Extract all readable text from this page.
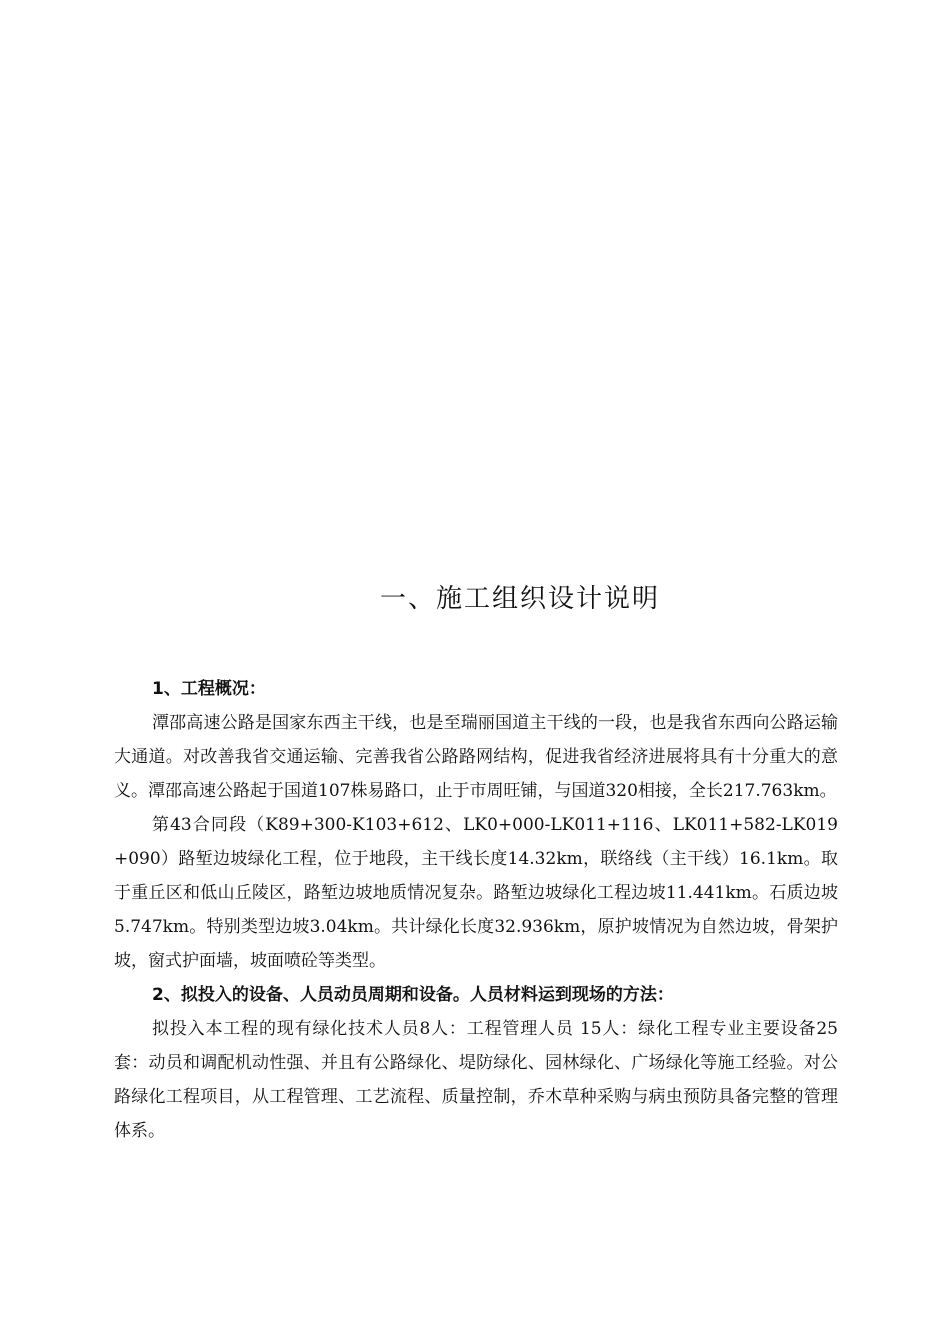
一、施工组织设计说明

1、工程概况：

潭邵高速公路是国家东西主干线，也是至瑞丽国道主干线的一段，也是我省东西向公路运输大通道。对改善我省交通运输、完善我省公路路网结构，促进我省经济进展将具有十分重大的意义。潭邵高速公路起于国道107株易路口，止于市周旺铺，与国道320相接，全长217.763km。

第43合同段（K89+300-K103+612、LK0+000-LK011+116、LK011+582-LK019+090）路堑边坡绿化工程，位于地段，主干线长度14.32km，联络线（主干线）16.1km。取于重丘区和低山丘陵区，路堑边坡地质情况复杂。路堑边坡绿化工程边坡11.441km。石质边坡5.747km。特别类型边坡3.04km。共计绿化长度32.936km，原护坡情况为自然边坡，骨架护坡，窗式护面墙，坡面喷砼等类型。

2、拟投入的设备、人员动员周期和设备。人员材料运到现场的方法：

拟投入本工程的现有绿化技术人员8人：工程管理人员 15人：绿化工程专业主要设备25套：动员和调配机动性强、并且有公路绿化、堤防绿化、园林绿化、广场绿化等施工经验。对公路绿化工程项目，从工程管理、工艺流程、质量控制，乔木草种采购与病虫预防具备完整的管理体系。
